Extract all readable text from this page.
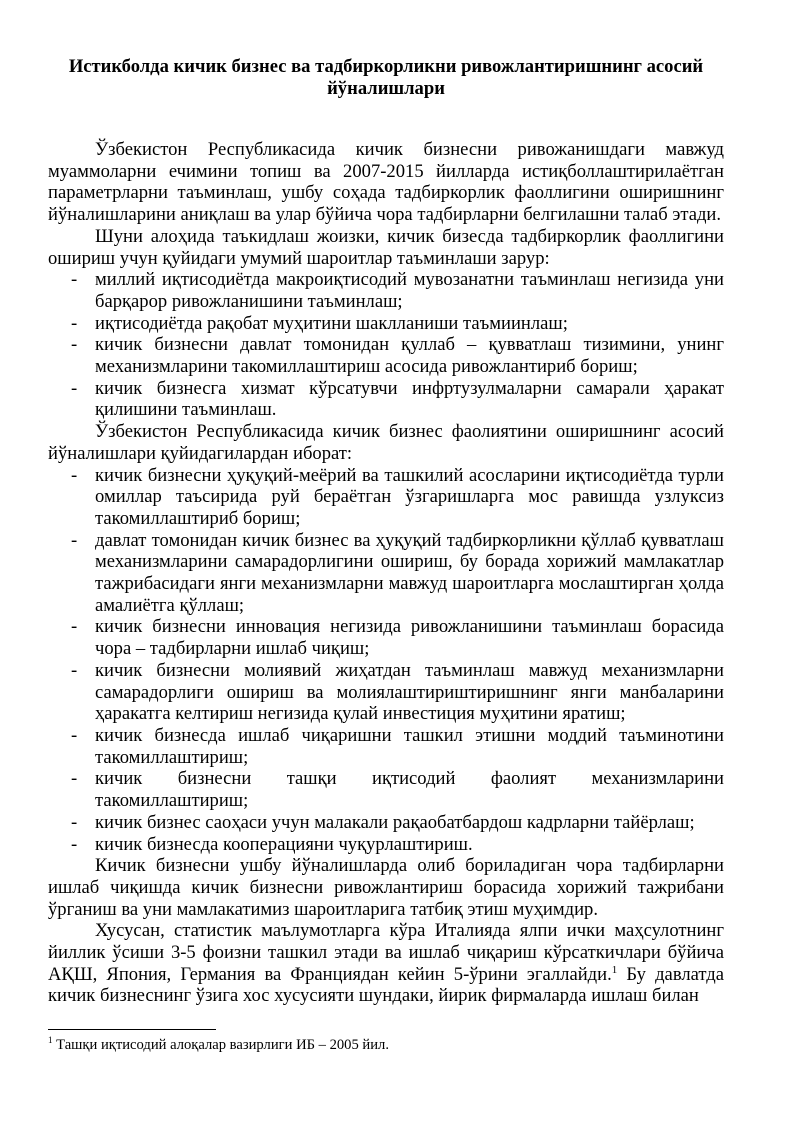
Истикболда кичик бизнес ва тадбиркорликни ривожлантиришнинг асосий йўналишлари

Ўзбекистон Республикасида кичик бизнесни ривожанишдаги мавжуд муаммоларни ечимини топиш ва 2007-2015 йилларда истиқболлаштирилаётган параметрларни таъминлаш, ушбу соҳада тадбиркорлик фаоллигини оширишнинг йўналишларини аниқлаш ва улар бўйича чора тадбирларни белгилашни талаб этади.

Шуни алоҳида таъкидлаш жоизки, кичик бизесда тадбиркорлик фаоллигини ошириш учун қуйидаги умумий шароитлар таъминлаши зарур:

- миллий иқтисодиётда макроиқтисодий мувозанатни таъминлаш негизида уни барқарор ривожланишини таъминлаш;
- иқтисодиётда рақобат муҳитини шаклланиши таъмиинлаш;
- кичик бизнесни давлат томонидан қуллаб – қувватлаш тизимини, унинг механизмларини такомиллаштириш асосида ривожлантириб бориш;
- кичик бизнесга хизмат кўрсатувчи инфртузулмаларни самарали ҳаракат қилишини таъминлаш.

Ўзбекистон Республикасида кичик бизнес фаолиятини оширишнинг асосий йўналишлари қуйидагилардан иборат:

- кичик бизнесни ҳуқуқий-меёрий ва ташкилий асосларини иқтисодиётда турли омиллар таъсирида руй бераётган ўзгаришларга мос равишда узлуксиз такомиллаштириб бориш;
- давлат томонидан кичик бизнес ва ҳуқуқий тадбиркорликни қўллаб қувватлаш механизмларини самарадорлигини ошириш, бу борада хорижий мамлакатлар тажрибасидаги янги механизмларни мавжуд шароитларга мослаштирган ҳолда амалиётга қўллаш;
- кичик бизнесни инновация негизида ривожланишини таъминлаш борасида чора – тадбирларни ишлаб чиқиш;
- кичик бизнесни молиявий жиҳатдан таъминлаш мавжуд механизмларни самарадорлиги ошириш ва молиялаштириштиришнинг янги манбаларини ҳаракатга келтириш негизида қулай инвестиция муҳитини яратиш;
- кичик бизнесда ишлаб чиқаришни ташкил этишни моддий таъминотини такомиллаштириш;
- кичик бизнесни ташқи иқтисодий фаолият механизмларини такомиллаштириш;
- кичик бизнес саоҳаси учун малакали рақаобатбардош кадрларни тайёрлаш;
- кичик бизнесда кооперацияни чуқурлаштириш.

Кичик бизнесни ушбу йўналишларда олиб бориладиган чора тадбирларни ишлаб чиқишда кичик бизнесни ривожлантириш борасида хорижий тажрибани ўрганиш ва уни мамлакатимиз шароитларига татбиқ этиш муҳимдир.

Хусусан, статистик маълумотларга кўра Италияда ялпи ички маҳсулотнинг йиллик ўсиши 3-5 фоизни ташкил этади ва ишлаб чиқариш кўрсаткичлари бўйича АҚШ, Япония, Германия ва Франциядан кейин 5-ўрини эгаллайди.$^1$ Бу давлатда кичик бизнеснинг ўзига хос хусусияти шундаки, йирик фирмаларда ишлаш билан

$^1$ Ташқи иқтисодий алоқалар вазирлиги ИБ – 2005 йил.
